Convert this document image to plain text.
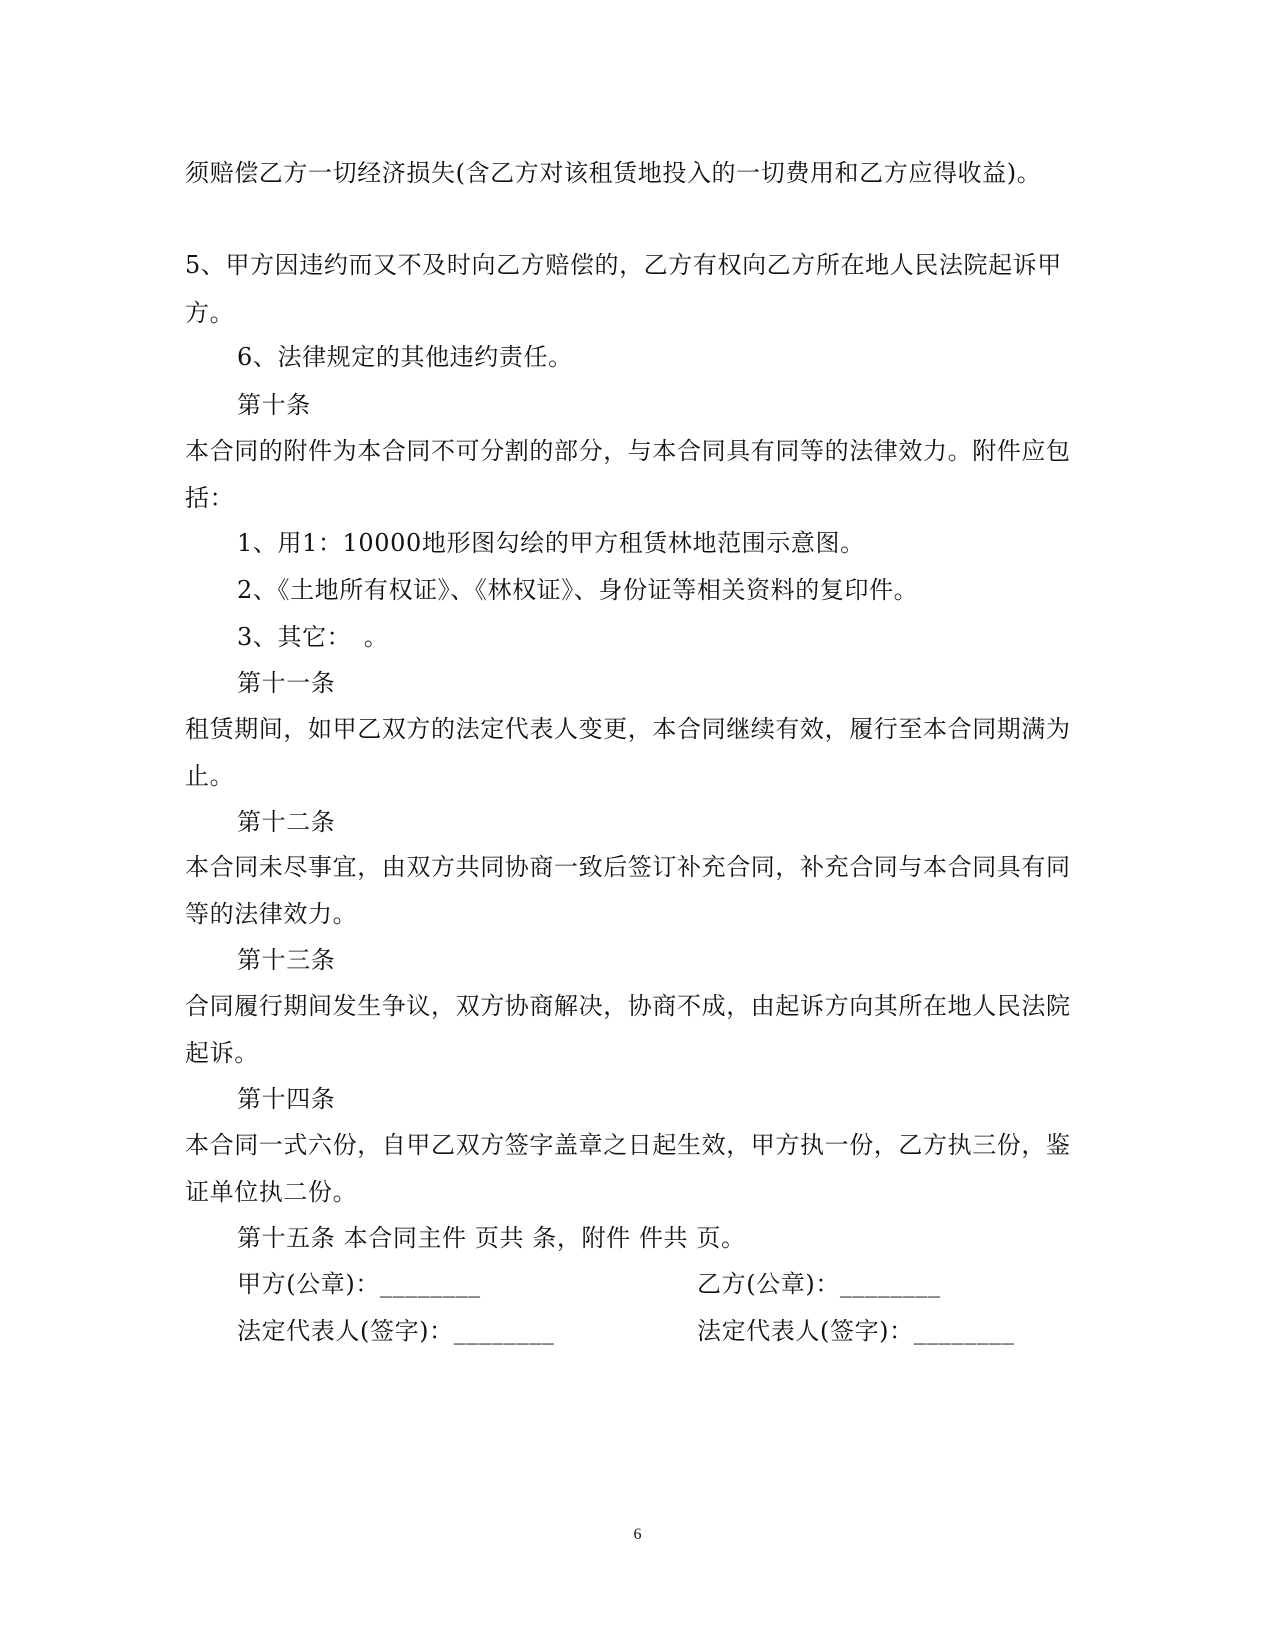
须赔偿乙方一切经济损失(含乙方对该租赁地投入的一切费用和乙方应得收益)。
5、甲方因违约而又不及时向乙方赔偿的，乙方有权向乙方所在地人民法院起诉甲
方。
6、法律规定的其他违约责任。
第十条
本合同的附件为本合同不可分割的部分，与本合同具有同等的法律效力。附件应包
括：
1、用1：10000地形图勾绘的甲方租赁林地范围示意图。
2、《土地所有权证》、《林权证》、身份证等相关资料的复印件。
3、其它：　。
第十一条
租赁期间，如甲乙双方的法定代表人变更，本合同继续有效，履行至本合同期满为
止。
第十二条
本合同未尽事宜，由双方共同协商一致后签订补充合同，补充合同与本合同具有同
等的法律效力。
第十三条
合同履行期间发生争议，双方协商解决，协商不成，由起诉方向其所在地人民法院
起诉。
第十四条
本合同一式六份，自甲乙双方签字盖章之日起生效，甲方执一份，乙方执三份，鉴
证单位执二份。
第十五条 本合同主件 页共 条，附件 件共 页。
甲方(公章)：________	乙方(公章)：________
法定代表人(签字)：________	法定代表人(签字)：________
6
